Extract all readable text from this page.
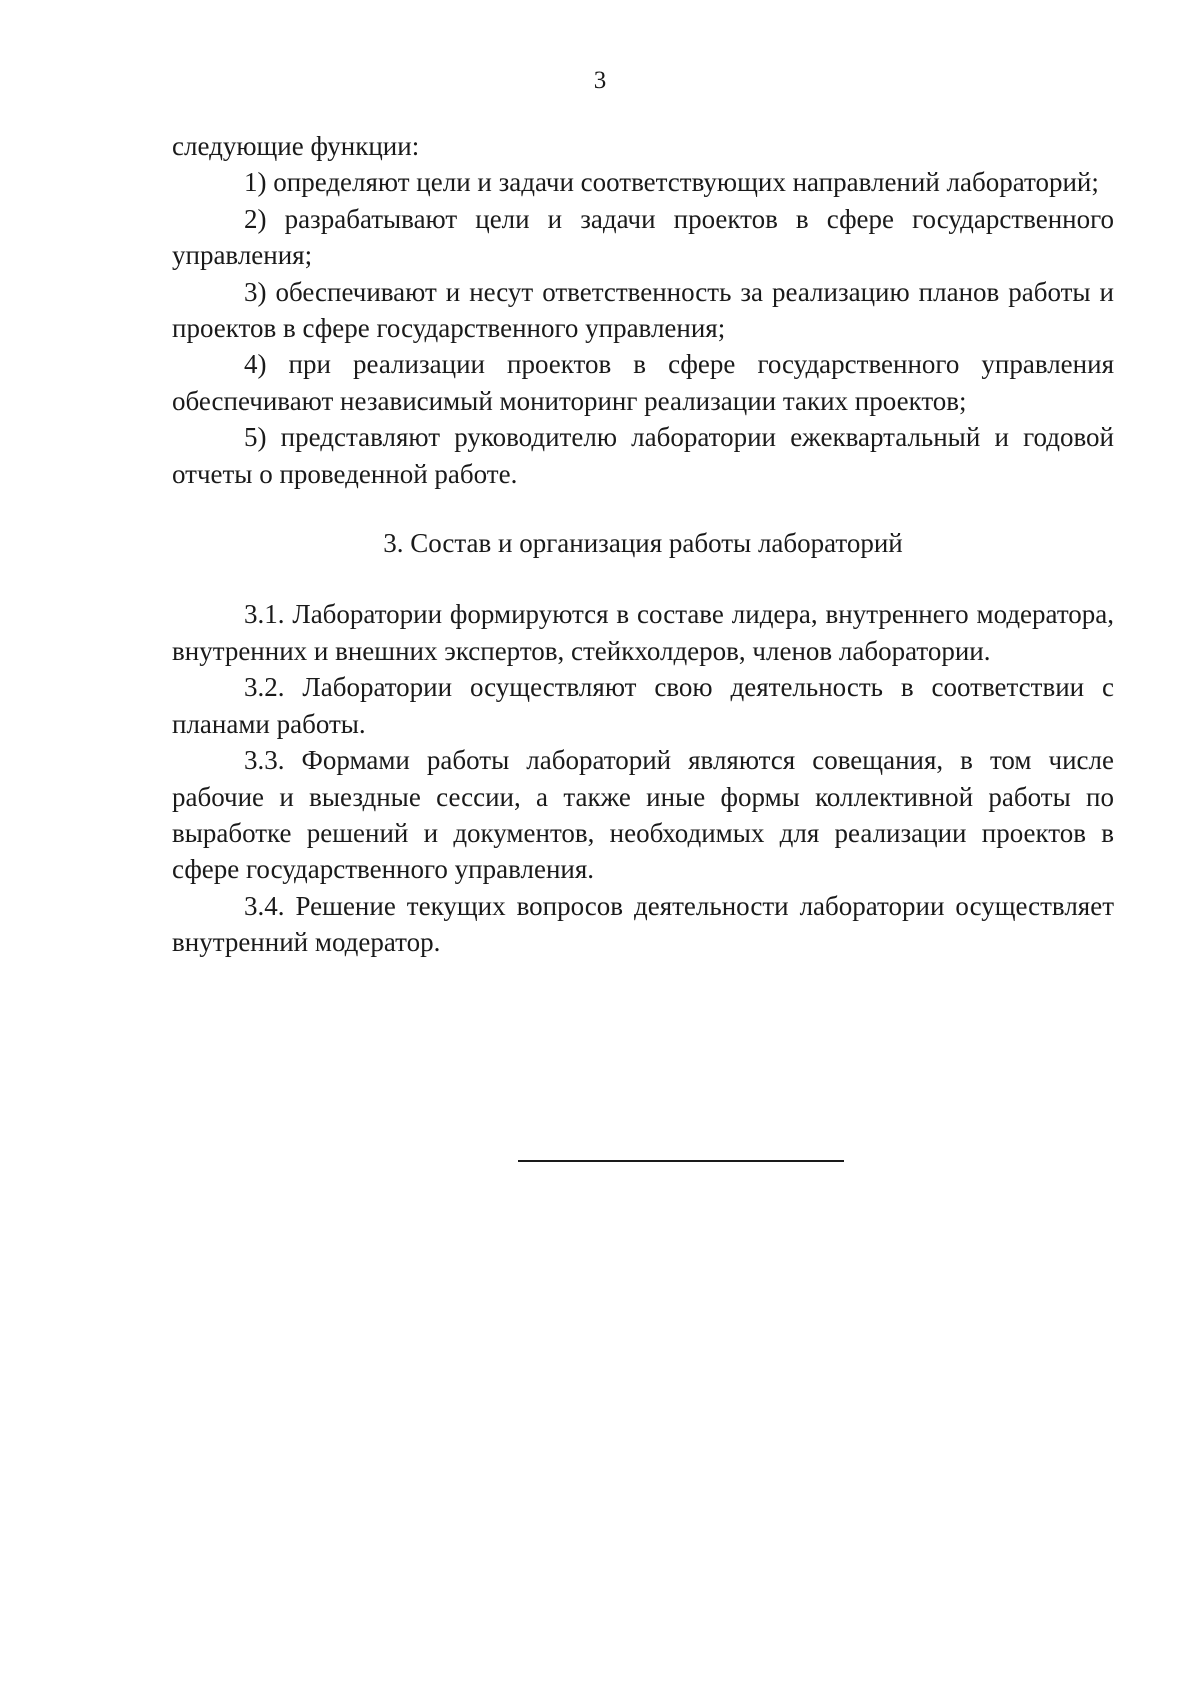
3

следующие функции:

1) определяют цели и задачи соответствующих направлений лабораторий;

2) разрабатывают цели и задачи проектов в сфере государственного управления;

3) обеспечивают и несут ответственность за реализацию планов работы и проектов в сфере государственного управления;

4) при реализации проектов в сфере государственного управления обеспечивают независимый мониторинг реализации таких проектов;

5) представляют руководителю лаборатории ежеквартальный и годовой отчеты о проведенной работе.

3. Состав и организация работы лабораторий

3.1. Лаборатории формируются в составе лидера, внутреннего модератора, внутренних и внешних экспертов, стейкхолдеров, членов лаборатории.

3.2. Лаборатории осуществляют свою деятельность в соответствии с планами работы.

3.3. Формами работы лабораторий являются совещания, в том числе рабочие и выездные сессии, а также иные формы коллективной работы по выработке решений и документов, необходимых для реализации проектов в сфере государственного управления.

3.4. Решение текущих вопросов деятельности лаборатории осуществляет внутренний модератор.
